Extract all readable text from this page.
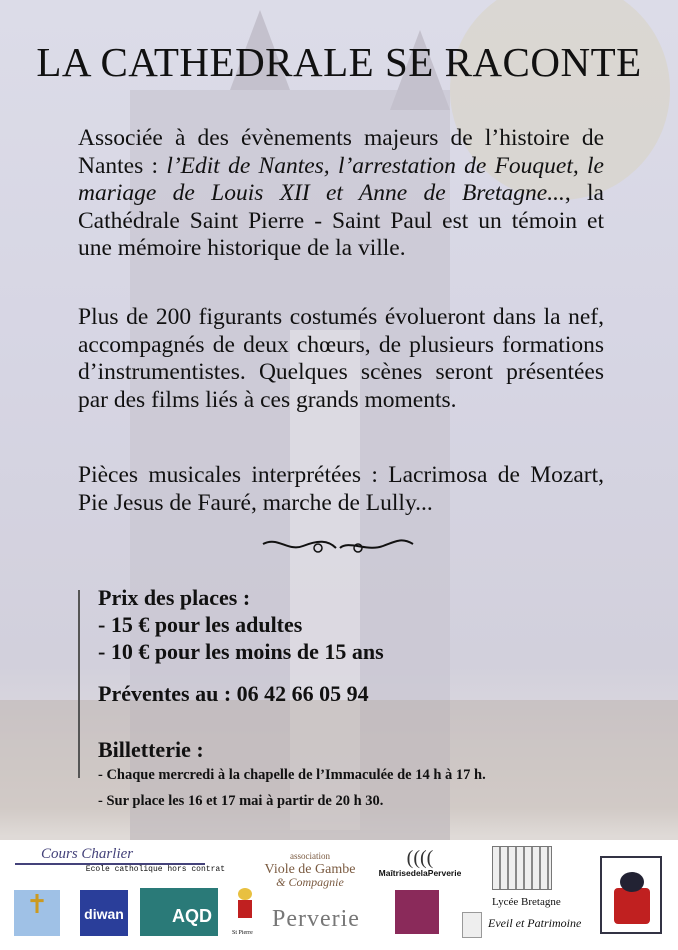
LA CATHEDRALE SE RACONTE

Associée à des évènements majeurs de l’histoire de Nantes : l’Edit de Nantes, l’arrestation de Fouquet, le mariage de Louis XII et Anne de Bretagne..., la Cathédrale Saint Pierre - Saint Paul est un témoin et une mémoire historique de la ville.

Plus de 200 figurants costumés évolueront dans la nef, accompagnés de deux chœurs, de plusieurs formations d’instrumentistes. Quelques scènes seront présentées par des films liés à ces grands moments.

Pièces musicales interprétées : Lacrimosa de Mozart, Pie Jesus de Fauré, marche de Lully...

Prix des places :
- 15 € pour les adultes
- 10 € pour les moins de 15 ans
Préventes au : 06 42 66 05 94
Billetterie :
- Chaque mercredi à la chapelle de l’Immaculée de 14 h à 17 h.
- Sur place les 16 et 17 mai à partir de 20 h 30.
Cours Charlier
Ecole catholique hors contrat
association
Viole de Gambe
& Compagnie
((((
MaîtrisedelaPerverie
Lycée Bretagne
✝	diwan	AQD
St Pierre
Perverie	Eveil et Patrimoine
